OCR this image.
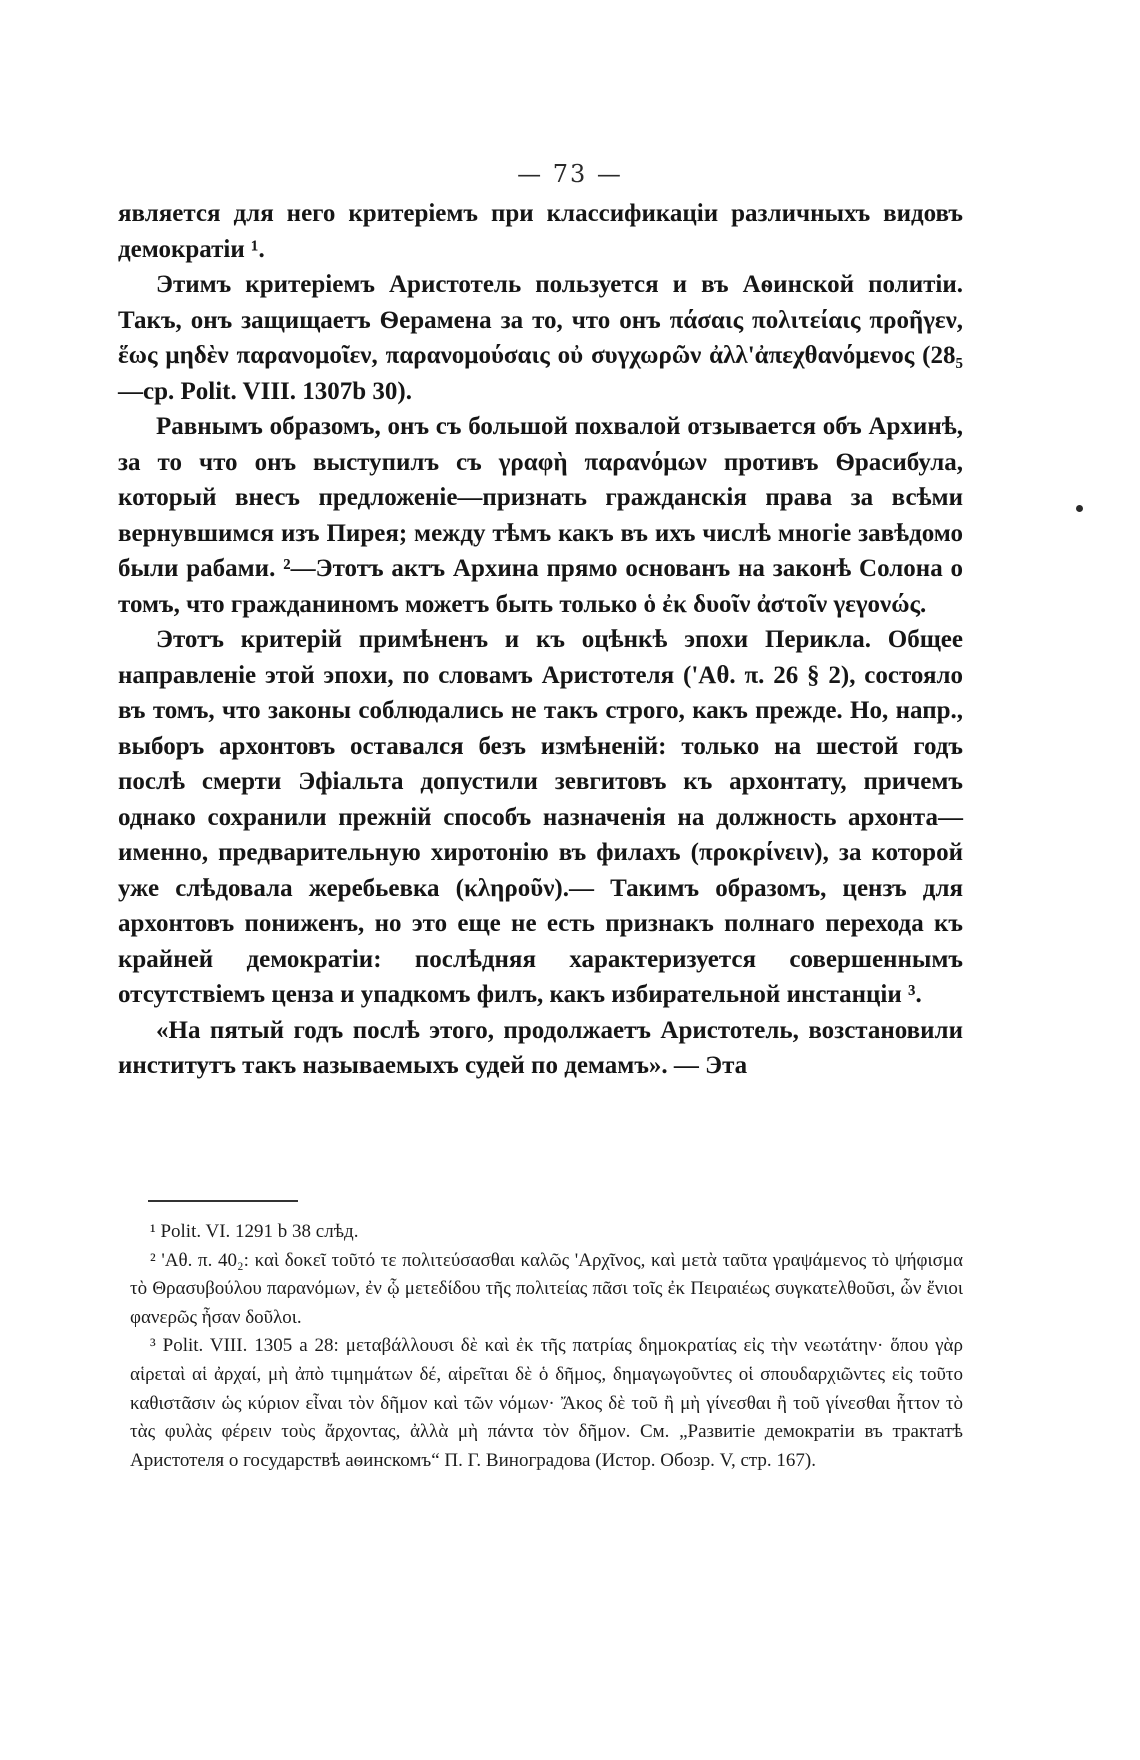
— 73 —

является для него критеріемъ при классификаціи различныхъ видовъ демократіи ¹.

Этимъ критеріемъ Аристотель пользуется и въ Аѳинской политіи. Такъ, онъ защищаетъ Ѳерамена за то, что онъ πάσαις πολιτείαις προῆγεν, ἕως μηδὲν παρανομοῖεν, παρανομούσαις οὐ συγχωρῶν ἀλλ'ἀπεχθανόμενος (28₅—ср. Polit. VIII. 1307b 30).

Равнымъ образомъ, онъ съ большой похвалой отзывается объ Архинѣ, за то что онъ выступилъ съ γραφὴ παρανόμων противъ Ѳрасибула, который внесъ предложеніе—признать гражданскія права за всѣми вернувшимся изъ Пирея; между тѣмъ какъ въ ихъ числѣ многіе завѣдомо были рабами. ²—Этотъ актъ Архина прямо основанъ на законѣ Солона о томъ, что гражданиномъ можетъ быть только ὁ ἐκ δυοῖν ἀστοῖν γεγονώς.

Этотъ критерій примѣненъ и къ оцѣнкѣ эпохи Перикла. Общее направленіе этой эпохи, по словамъ Аристотеля ('Αθ. π. 26 § 2), состояло въ томъ, что законы соблюдались не такъ строго, какъ прежде. Но, напр., выборъ архонтовъ оставался безъ измѣненій: только на шестой годъ послѣ смерти Эфіальта допустили зевгитовъ къ архонтату, причемъ однако сохранили прежній способъ назначенія на должность архонта—именно, предварительную хиротонію въ филахъ (προκρίνειν), за которой уже слѣдовала жеребьевка (κληροῦν).— Такимъ образомъ, цензъ для архонтовъ пониженъ, но это еще не есть признакъ полнаго перехода къ крайней демократіи: послѣдняя характеризуется совершеннымъ отсутствіемъ ценза и упадкомъ филъ, какъ избирательной инстанціи ³.

«На пятый годъ послѣ этого, продолжаетъ Аристотель, возстановили институтъ такъ называемыхъ судей по демамъ». — Эта

¹ Polit. VI. 1291 b 38 слѣд.

² 'Αθ. π. 40₂: καὶ δοκεῖ τοῦτό τε πολιτεύσασθαι καλῶς 'Αρχῖνος, καὶ μετὰ ταῦτα γραψάμενος τὸ ψήφισμα τὸ Θρασυβούλου παρανόμων, ἐν ᾧ μετεδίδου τῆς πολιτείας πᾶσι τοῖς ἐκ Πειραιέως συγκατελθοῦσι, ὧν ἔνιοι φανερῶς ἦσαν δοῦλοι.

³ Polit. VIII. 1305 a 28: μεταβάλλουσι δὲ καὶ ἐκ τῆς πατρίας δημοκρατίας εἰς τὴν νεωτάτην· ὅπου γὰρ αἱρεταὶ αἱ ἀρχαί, μὴ ἀπὸ τιμημάτων δέ, αἱρεῖται δὲ ὁ δῆμος, δημαγωγοῦντες οἱ σπουδαρχιῶντες εἰς τοῦτο καθιστᾶσιν ὡς κύριον εἶναι τὸν δῆμον καὶ τῶν νόμων· Ἄκος δὲ τοῦ ἢ μὴ γίνεσθαι ἢ τοῦ γίνεσθαι ἧττον τὸ τὰς φυλὰς φέρειν τοὺς ἄρχοντας, ἀλλὰ μὴ πάντα τὸν δῆμον. См. „Развитіе демократіи въ трактатѣ Аристотеля о государствѣ аѳинскомъ“ П. Г. Виноградова (Истор. Обозр. V, стр. 167).
